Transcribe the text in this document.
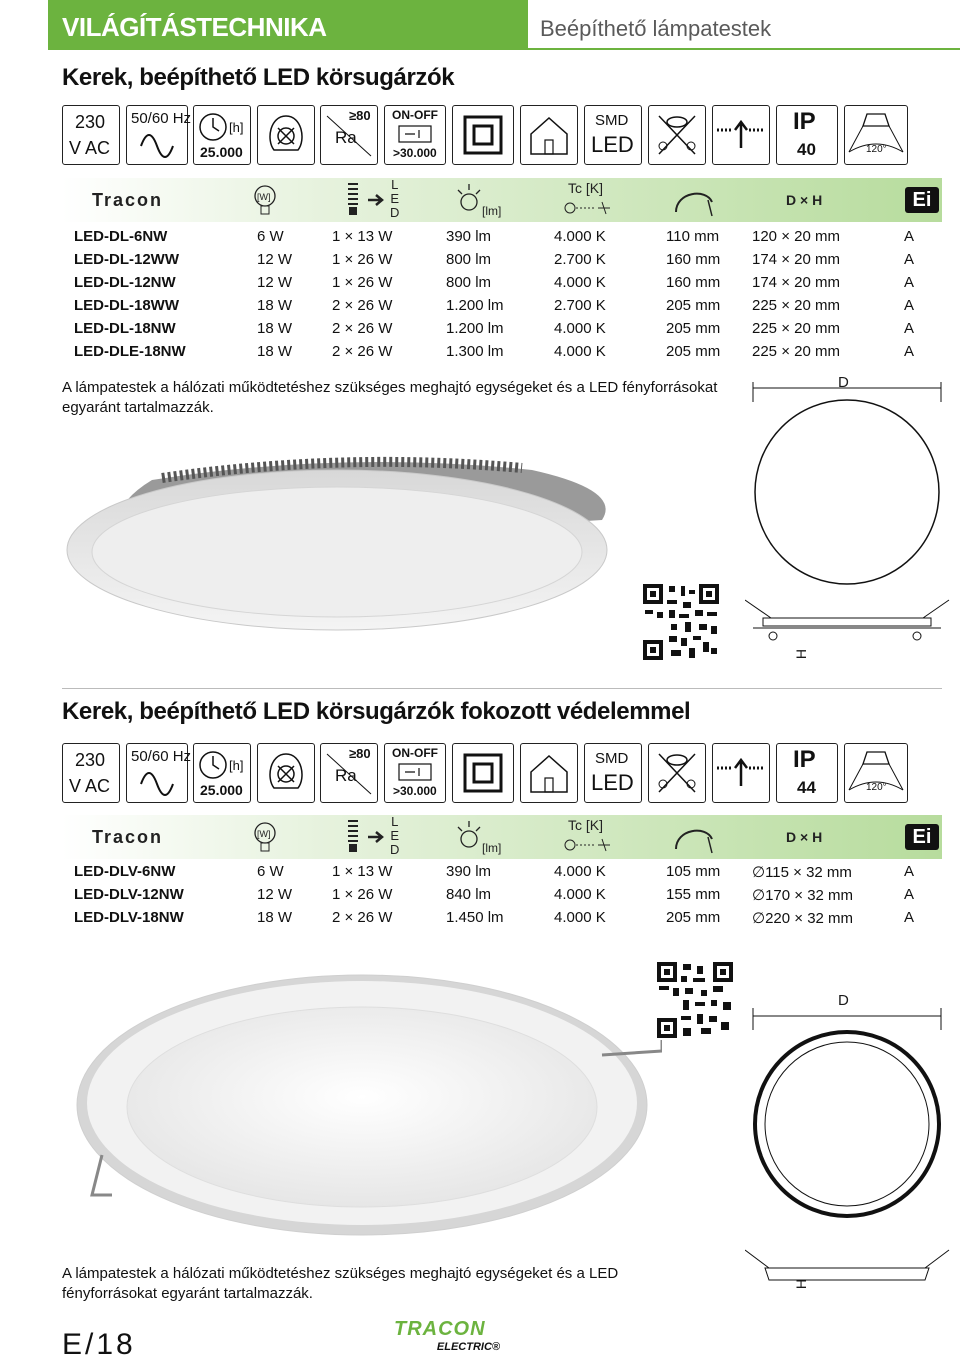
VILÁGÍTÁSTECHNIKA	Beépíthető lámpatestek
Kerek, beépíthető LED körsugárzók
230
V AC
50/60 Hz
[h]
25.000
≥80
Ra
ON-OFF
>30.000
SMD
LED
IP
40	120°
Tracon	[W]
L
E
D	[lm]
Tc [K]
D × H	Ei
LED-DL-6NW	6 W	1 × 13 W	390 lm	4.000 K	110 mm 120 × 20 mm	A
LED-DL-12WW	12 W	1 × 26 W	800 lm	2.700 K	160 mm 174 × 20 mm	A
LED-DL-12NW	12 W	1 × 26 W	800 lm	4.000 K	160 mm 174 × 20 mm	A
LED-DL-18WW	18 W	2 × 26 W	1.200 lm	2.700 K	205 mm 225 × 20 mm	A
LED-DL-18NW	18 W	2 × 26 W	1.200 lm	4.000 K	205 mm 225 × 20 mm	A
LED-DLE-18NW	18 W	2 × 26 W	1.300 lm	4.000 K	205 mm 225 × 20 mm	A
A lámpatestek a hálózati működtetéshez szükséges meghajtó egységeket és a LED fényforrásokat egyaránt tartalmazzák.
D
H
Kerek, beépíthető LED körsugárzók fokozott védelemmel
230
V AC
50/60 Hz
[h]
25.000
≥80
Ra
ON-OFF
>30.000
SMD
LED
IP
44	120°
Tracon	[W]
L
E
D	[lm]
Tc [K]
D × H	Ei
LED-DLV-6NW	6 W	1 × 13 W	390 lm	4.000 K	105 mm ∅115 × 32 mm	A
LED-DLV-12NW	12 W	1 × 26 W	840 lm	4.000 K	155 mm ∅170 × 32 mm	A
LED-DLV-18NW	18 W	2 × 26 W	1.450 lm	4.000 K	205 mm ∅220 × 32 mm	A
D
H
A lámpatestek a hálózati működtetéshez szükséges meghajtó egységeket és a LED fényforrásokat egyaránt tartalmazzák.
E/18	TRACON
ELECTRIC®
